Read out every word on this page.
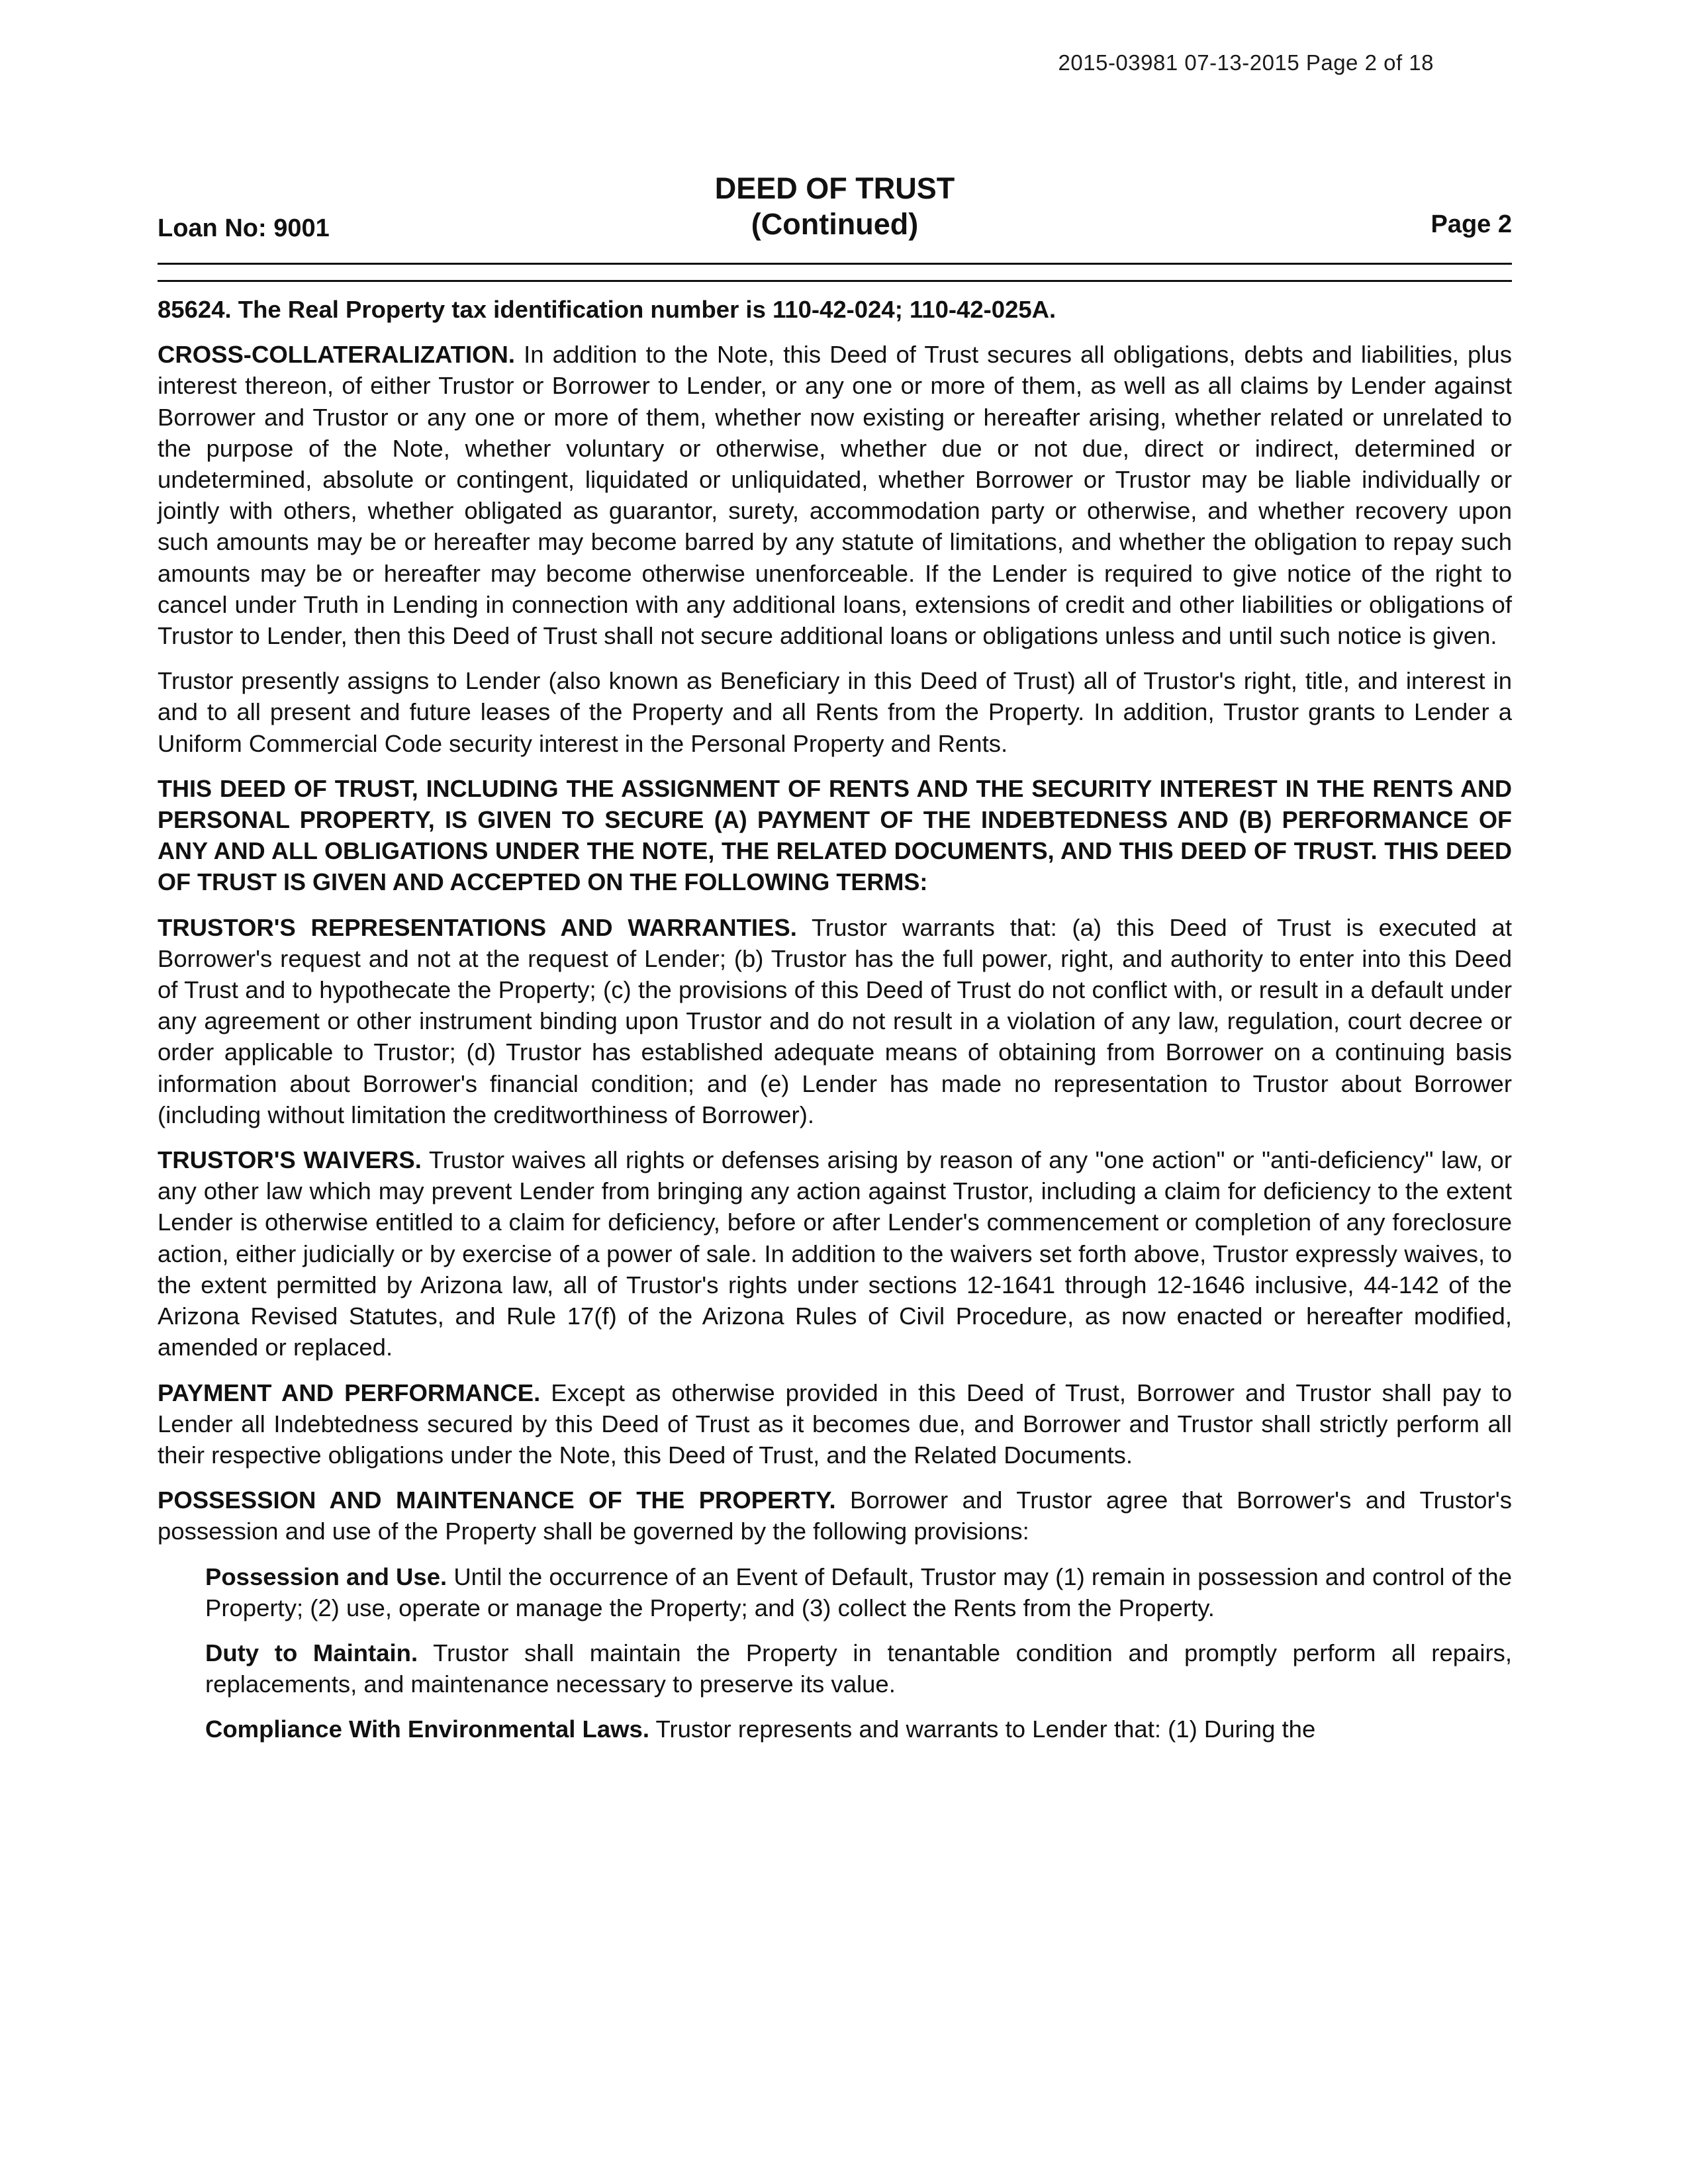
2015-03981 07-13-2015 Page 2 of 18
Loan No: 9001
DEED OF TRUST
(Continued)	Page 2

85624. The Real Property tax identification number is 110-42-024; 110-42-025A.

CROSS-COLLATERALIZATION. In addition to the Note, this Deed of Trust secures all obligations, debts and liabilities, plus interest thereon, of either Trustor or Borrower to Lender, or any one or more of them, as well as all claims by Lender against Borrower and Trustor or any one or more of them, whether now existing or hereafter arising, whether related or unrelated to the purpose of the Note, whether voluntary or otherwise, whether due or not due, direct or indirect, determined or undetermined, absolute or contingent, liquidated or unliquidated, whether Borrower or Trustor may be liable individually or jointly with others, whether obligated as guarantor, surety, accommodation party or otherwise, and whether recovery upon such amounts may be or hereafter may become barred by any statute of limitations, and whether the obligation to repay such amounts may be or hereafter may become otherwise unenforceable. If the Lender is required to give notice of the right to cancel under Truth in Lending in connection with any additional loans, extensions of credit and other liabilities or obligations of Trustor to Lender, then this Deed of Trust shall not secure additional loans or obligations unless and until such notice is given.

Trustor presently assigns to Lender (also known as Beneficiary in this Deed of Trust) all of Trustor's right, title, and interest in and to all present and future leases of the Property and all Rents from the Property. In addition, Trustor grants to Lender a Uniform Commercial Code security interest in the Personal Property and Rents.

THIS DEED OF TRUST, INCLUDING THE ASSIGNMENT OF RENTS AND THE SECURITY INTEREST IN THE RENTS AND PERSONAL PROPERTY, IS GIVEN TO SECURE (A) PAYMENT OF THE INDEBTEDNESS AND (B) PERFORMANCE OF ANY AND ALL OBLIGATIONS UNDER THE NOTE, THE RELATED DOCUMENTS, AND THIS DEED OF TRUST. THIS DEED OF TRUST IS GIVEN AND ACCEPTED ON THE FOLLOWING TERMS:

TRUSTOR'S REPRESENTATIONS AND WARRANTIES. Trustor warrants that: (a) this Deed of Trust is executed at Borrower's request and not at the request of Lender; (b) Trustor has the full power, right, and authority to enter into this Deed of Trust and to hypothecate the Property; (c) the provisions of this Deed of Trust do not conflict with, or result in a default under any agreement or other instrument binding upon Trustor and do not result in a violation of any law, regulation, court decree or order applicable to Trustor; (d) Trustor has established adequate means of obtaining from Borrower on a continuing basis information about Borrower's financial condition; and (e) Lender has made no representation to Trustor about Borrower (including without limitation the creditworthiness of Borrower).

TRUSTOR'S WAIVERS. Trustor waives all rights or defenses arising by reason of any "one action" or "anti-deficiency" law, or any other law which may prevent Lender from bringing any action against Trustor, including a claim for deficiency to the extent Lender is otherwise entitled to a claim for deficiency, before or after Lender's commencement or completion of any foreclosure action, either judicially or by exercise of a power of sale. In addition to the waivers set forth above, Trustor expressly waives, to the extent permitted by Arizona law, all of Trustor's rights under sections 12-1641 through 12-1646 inclusive, 44-142 of the Arizona Revised Statutes, and Rule 17(f) of the Arizona Rules of Civil Procedure, as now enacted or hereafter modified, amended or replaced.

PAYMENT AND PERFORMANCE. Except as otherwise provided in this Deed of Trust, Borrower and Trustor shall pay to Lender all Indebtedness secured by this Deed of Trust as it becomes due, and Borrower and Trustor shall strictly perform all their respective obligations under the Note, this Deed of Trust, and the Related Documents.

POSSESSION AND MAINTENANCE OF THE PROPERTY. Borrower and Trustor agree that Borrower's and Trustor's possession and use of the Property shall be governed by the following provisions:

Possession and Use. Until the occurrence of an Event of Default, Trustor may (1) remain in possession and control of the Property; (2) use, operate or manage the Property; and (3) collect the Rents from the Property.

Duty to Maintain. Trustor shall maintain the Property in tenantable condition and promptly perform all repairs, replacements, and maintenance necessary to preserve its value.

Compliance With Environmental Laws. Trustor represents and warrants to Lender that: (1) During the
